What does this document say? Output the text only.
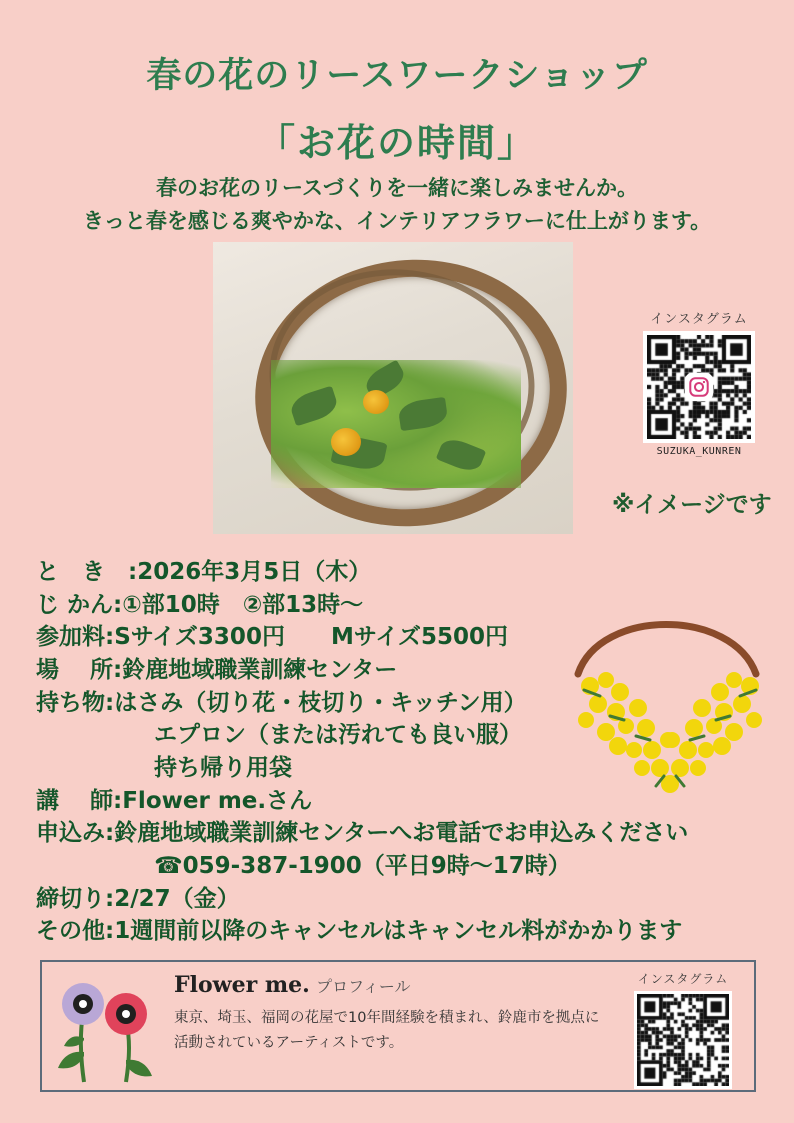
春の花のリースワークショップ
「お花の時間」
春のお花のリースづくりを一緒に楽しみませんか。
きっと春を感じる爽やかな、インテリアフラワーに仕上がります。
インスタグラム
SUZUKA_KUNREN
※イメージです
と　き　:2026年3月5日（木）
じ かん:①部10時　②部13時〜
参加料:Sサイズ3300円　　Mサイズ5500円
場　 所:鈴鹿地域職業訓練センター
持ち物:はさみ（切り花・枝切り・キッチン用）
エプロン（または汚れても良い服）
持ち帰り用袋
講　 師:Flower me.さん
申込み:鈴鹿地域職業訓練センターへお電話でお申込みください
☎059-387-1900（平日9時〜17時）
締切り:2/27（金）
その他:1週間前以降のキャンセルはキャンセル料がかかります
Flower me. プロフィール
東京、埼玉、福岡の花屋で10年間経験を積まれ、鈴鹿市を拠点に
活動されているアーティストです。
インスタグラム
